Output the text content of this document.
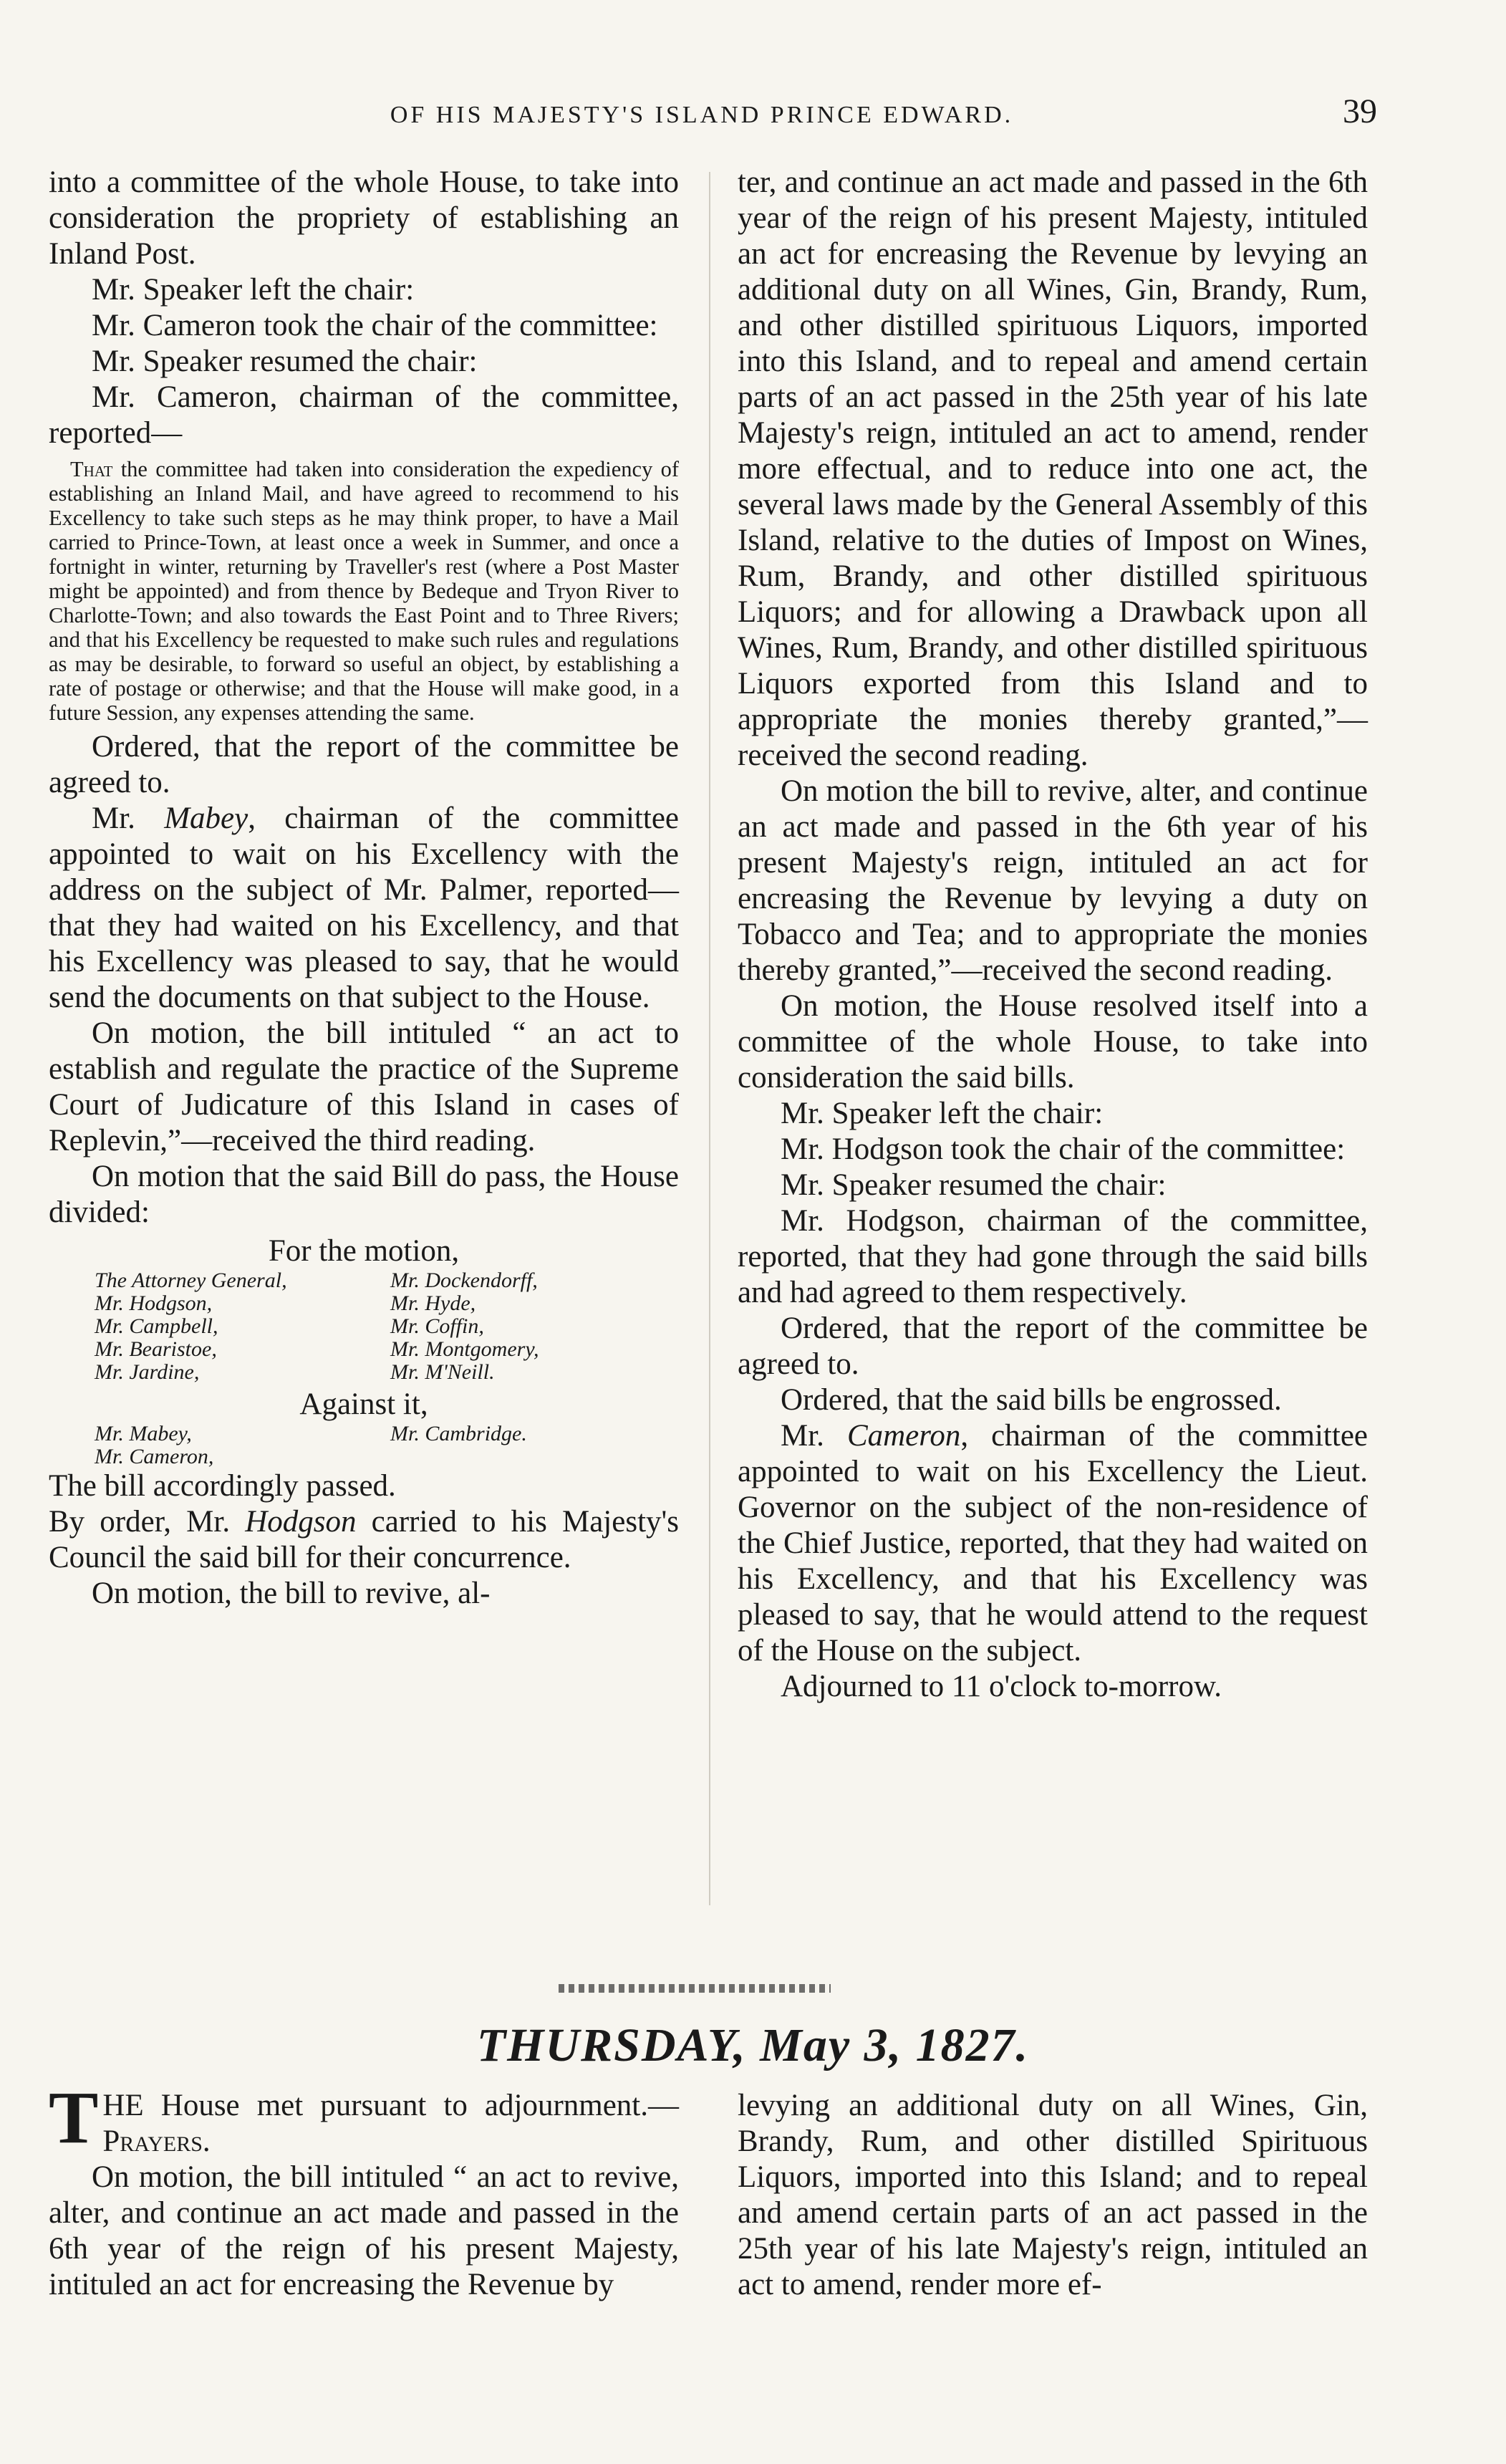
OF HIS MAJESTY'S ISLAND PRINCE EDWARD.	39

into a committee of the whole House, to take into consideration the propriety of establishing an Inland Post.

Mr. Speaker left the chair:

Mr. Cameron took the chair of the committee:

Mr. Speaker resumed the chair:

Mr. Cameron, chairman of the committee, reported—

That the committee had taken into consideration the expediency of establishing an Inland Mail, and have agreed to recommend to his Excellency to take such steps as he may think proper, to have a Mail carried to Prince-Town, at least once a week in Summer, and once a fortnight in winter, returning by Traveller's rest (where a Post Master might be appointed) and from thence by Bedeque and Tryon River to Charlotte-Town; and also towards the East Point and to Three Rivers; and that his Excellency be requested to make such rules and regulations as may be desirable, to forward so useful an object, by establishing a rate of postage or otherwise; and that the House will make good, in a future Session, any expenses attending the same.

Ordered, that the report of the committee be agreed to.

Mr. Mabey, chairman of the committee appointed to wait on his Excellency with the address on the subject of Mr. Palmer, reported—that they had waited on his Excellency, and that his Excellency was pleased to say, that he would send the documents on that subject to the House.

On motion, the bill intituled “ an act to establish and regulate the practice of the Supreme Court of Judicature of this Island in cases of Replevin,”—received the third reading.

On motion that the said Bill do pass, the House divided:

For the motion,
The Attorney General,	Mr. Dockendorff,
Mr. Hodgson,	Mr. Hyde,
Mr. Campbell,	Mr. Coffin,
Mr. Bearistoe,	Mr. Montgomery,
Mr. Jardine,	Mr. M'Neill.
Against it,
Mr. Mabey,	Mr. Cambridge.
Mr. Cameron,

The bill accordingly passed.

By order, Mr. Hodgson carried to his Majesty's Council the said bill for their concurrence.

On motion, the bill to revive, al-

ter, and continue an act made and passed in the 6th year of the reign of his present Majesty, intituled an act for encreasing the Revenue by levying an additional duty on all Wines, Gin, Brandy, Rum, and other distilled spirituous Liquors, imported into this Island, and to repeal and amend certain parts of an act passed in the 25th year of his late Majesty's reign, intituled an act to amend, render more effectual, and to reduce into one act, the several laws made by the General Assembly of this Island, relative to the duties of Impost on Wines, Rum, Brandy, and other distilled spirituous Liquors; and for allowing a Drawback upon all Wines, Rum, Brandy, and other distilled spirituous Liquors exported from this Island and to appropriate the monies thereby granted,”—received the second reading.

On motion the bill to revive, alter, and continue an act made and passed in the 6th year of his present Majesty's reign, intituled an act for encreasing the Revenue by levying a duty on Tobacco and Tea; and to appropriate the monies thereby granted,”—received the second reading.

On motion, the House resolved itself into a committee of the whole House, to take into consideration the said bills.

Mr. Speaker left the chair:

Mr. Hodgson took the chair of the committee:

Mr. Speaker resumed the chair:

Mr. Hodgson, chairman of the committee, reported, that they had gone through the said bills and had agreed to them respectively.

Ordered, that the report of the committee be agreed to.

Ordered, that the said bills be engrossed.

Mr. Cameron, chairman of the committee appointed to wait on his Excellency the Lieut. Governor on the subject of the non-residence of the Chief Justice, reported, that they had waited on his Excellency, and that his Excellency was pleased to say, that he would attend to the request of the House on the subject.

Adjourned to 11 o'clock to-morrow.

THURSDAY, May 3, 1827.

THE House met pursuant to adjournment.—Prayers.

On motion, the bill intituled “ an act to revive, alter, and continue an act made and passed in the 6th year of the reign of his present Majesty, intituled an act for encreasing the Revenue by

levying an additional duty on all Wines, Gin, Brandy, Rum, and other distilled Spirituous Liquors, imported into this Island; and to repeal and amend certain parts of an act passed in the 25th year of his late Majesty's reign, intituled an act to amend, render more ef-
